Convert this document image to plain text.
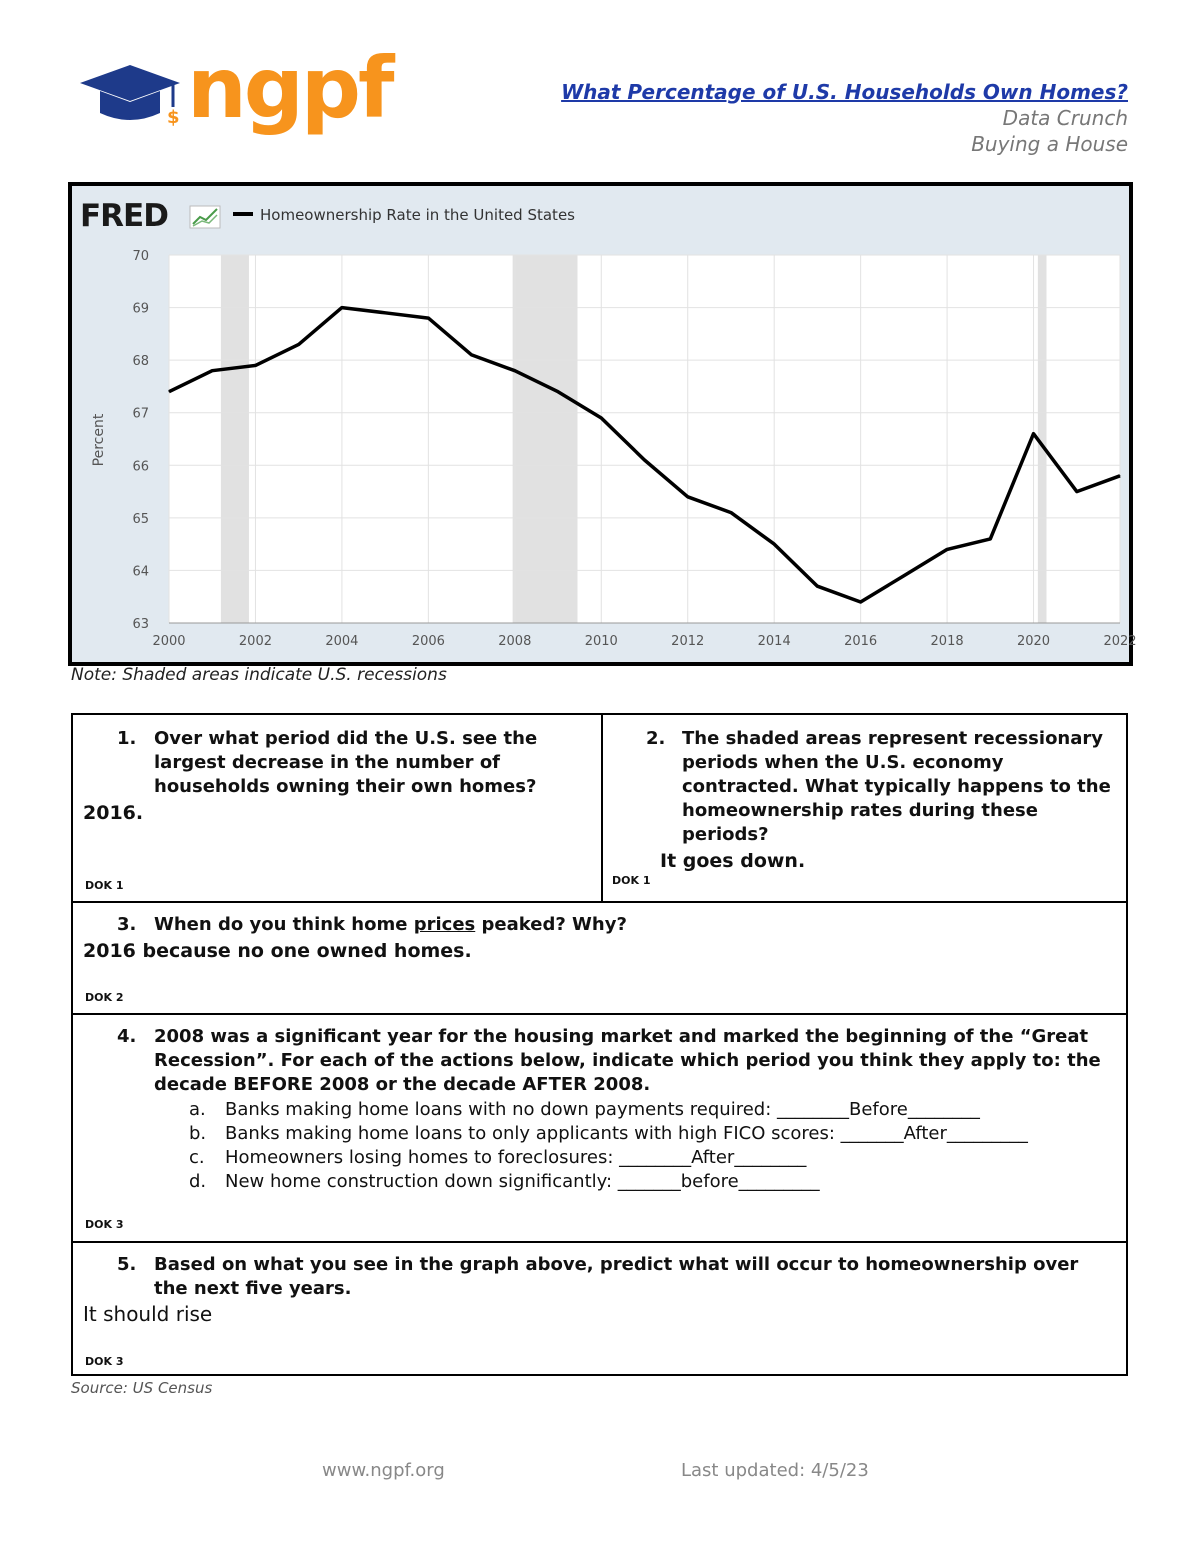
$ ngpf	What Percentage of U.S. Households Own Homes?
Data Crunch
Buying a House
FRED	Homeownership Rate in the United States
Percent
70
69
68
67
66
65
64
63
2000	2002	2004	2006	2008	2010	2012	2014	2016	2018	2020	2022
Note: Shaded areas indicate U.S. recessions
1. Over what period did the U.S. see the
largest decrease in the number of
households owning their own homes?
2016.
DOK 1
2. The shaded areas represent recessionary
periods when the U.S. economy
contracted. What typically happens to the
homeownership rates during these
periods?
It goes down.
DOK 1
3. When do you think home prices peaked? Why?
2016 because no one owned homes.
DOK 2
4. 2008 was a significant year for the housing market and marked the beginning of the “Great
Recession”. For each of the actions below, indicate which period you think they apply to: the
decade BEFORE 2008 or the decade AFTER 2008.
a. Banks making home loans with no down payments required: ________Before________
b. Banks making home loans to only applicants with high FICO scores: _______After_________
c. Homeowners losing homes to foreclosures: ________After________
d. New home construction down significantly: _______before_________
DOK 3
5. Based on what you see in the graph above, predict what will occur to homeownership over
the next five years.
It should rise
DOK 3
Source: US Census
www.ngpf.org	Last updated: 4/5/23
